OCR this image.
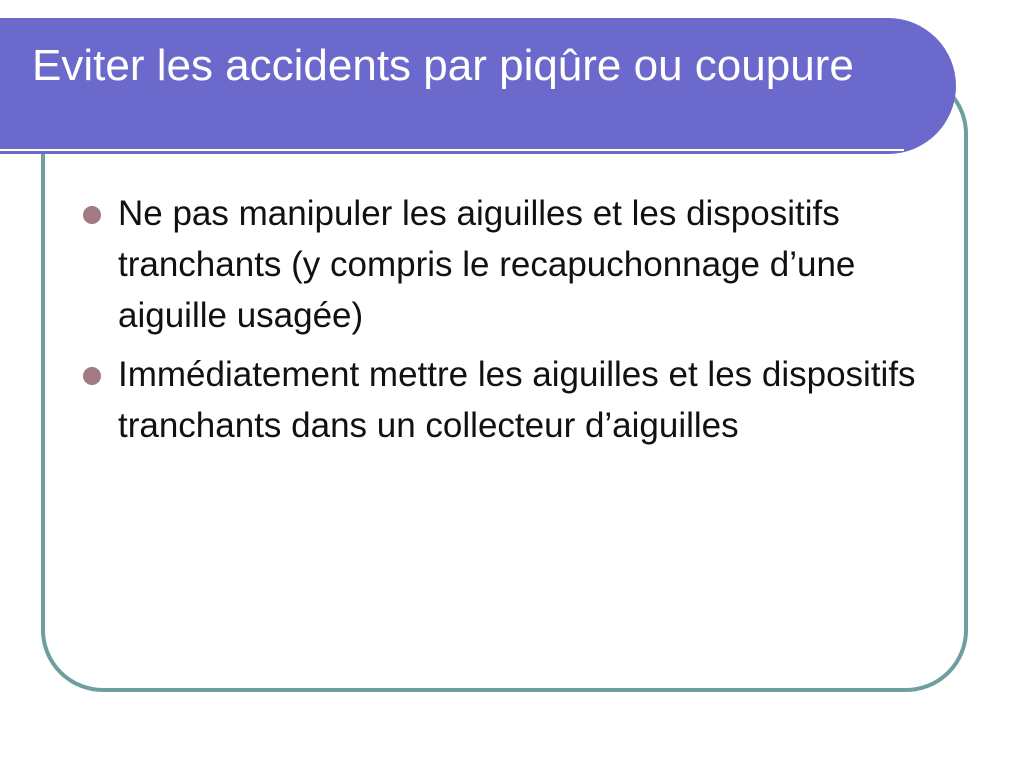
Eviter les accidents par piqûre ou coupure
Ne pas manipuler les aiguilles et les dispositifs tranchants (y compris le recapuchonnage d’une aiguille usagée)
Immédiatement mettre les aiguilles et les dispositifs tranchants dans un collecteur d’aiguilles
